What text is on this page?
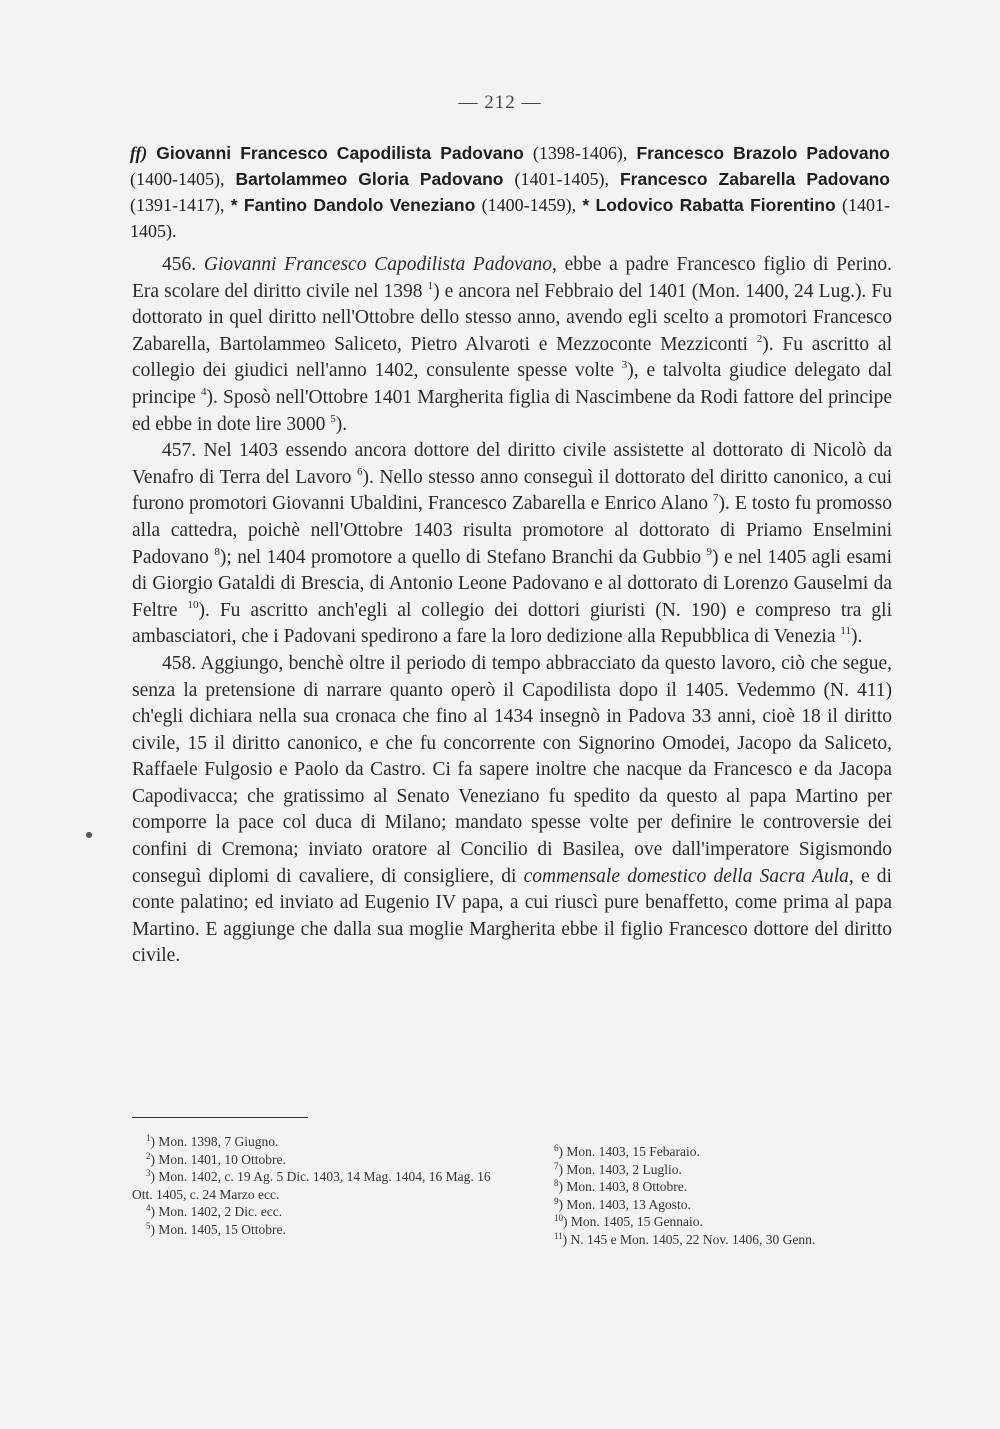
— 212 —
ff) Giovanni Francesco Capodilista Padovano (1398-1406), Francesco Brazolo Padovano (1400-1405), Bartolammeo Gloria Padovano (1401-1405), Francesco Zabarella Padovano (1391-1417), * Fantino Dandolo Veneziano (1400-1459), * Lodovico Rabatta Fiorentino (1401-1405).

456. Giovanni Francesco Capodilista Padovano, ebbe a padre Francesco figlio di Perino. Era scolare del diritto civile nel 1398 $^1$) e ancora nel Febbraio del 1401 (Mon. 1400, 24 Lug.). Fu dottorato in quel diritto nell'Ottobre dello stesso anno, avendo egli scelto a promotori Francesco Zabarella, Bartolammeo Saliceto, Pietro Alvaroti e Mezzoconte Mezziconti $^2$). Fu ascritto al collegio dei giudici nell'anno 1402, consulente spesse volte $^3$), e talvolta giudice delegato dal principe $^4$). Sposò nell'Ottobre 1401 Margherita figlia di Nascimbene da Rodi fattore del principe ed ebbe in dote lire 3000 $^5$).

457. Nel 1403 essendo ancora dottore del diritto civile assistette al dottorato di Nicolò da Venafro di Terra del Lavoro $^6$). Nello stesso anno conseguì il dottorato del diritto canonico, a cui furono promotori Giovanni Ubaldini, Francesco Zabarella e Enrico Alano $^7$). E tosto fu promosso alla cattedra, poichè nell'Ottobre 1403 risulta promotore al dottorato di Priamo Enselmini Padovano $^8$); nel 1404 promotore a quello di Stefano Branchi da Gubbio $^9$) e nel 1405 agli esami di Giorgio Gataldi di Brescia, di Antonio Leone Padovano e al dottorato di Lorenzo Gauselmi da Feltre $^{10}$). Fu ascritto anch'egli al collegio dei dottori giuristi (N. 190) e compreso tra gli ambasciatori, che i Padovani spedirono a fare la loro dedizione alla Repubblica di Venezia $^{11}$).

458. Aggiungo, benchè oltre il periodo di tempo abbracciato da questo lavoro, ciò che segue, senza la pretensione di narrare quanto operò il Capodilista dopo il 1405. Vedemmo (N. 411) ch'egli dichiara nella sua cronaca che fino al 1434 insegnò in Padova 33 anni, cioè 18 il diritto civile, 15 il diritto canonico, e che fu concorrente con Signorino Omodei, Jacopo da Saliceto, Raffaele Fulgosio e Paolo da Castro. Ci fa sapere inoltre che nacque da Francesco e da Jacopa Capodivacca; che gratissimo al Senato Veneziano fu spedito da questo al papa Martino per comporre la pace col duca di Milano; mandato spesse volte per definire le controversie dei confini di Cremona; inviato oratore al Concilio di Basilea, ove dall'imperatore Sigismondo conseguì diplomi di cavaliere, di consigliere, di commensale domestico della Sacra Aula, e di conte palatino; ed inviato ad Eugenio IV papa, a cui riuscì pure benaffetto, come prima al papa Martino. E aggiunge che dalla sua moglie Margherita ebbe il figlio Francesco dottore del diritto civile.

$^1$) Mon. 1398, 7 Giugno.
$^2$) Mon. 1401, 10 Ottobre.
$^3$) Mon. 1402, c. 19 Ag. 5 Dic. 1403, 14 Mag. 1404, 16 Mag. 16 Ott. 1405, c. 24 Marzo ecc.
$^4$) Mon. 1402, 2 Dic. ecc.
$^5$) Mon. 1405, 15 Ottobre.
$^6$) Mon. 1403, 15 Febaraio.
$^7$) Mon. 1403, 2 Luglio.
$^8$) Mon. 1403, 8 Ottobre.
$^9$) Mon. 1403, 13 Agosto.
$^{10}$) Mon. 1405, 15 Gennaio.
$^{11}$) N. 145 e Mon. 1405, 22 Nov. 1406, 30 Genn.
